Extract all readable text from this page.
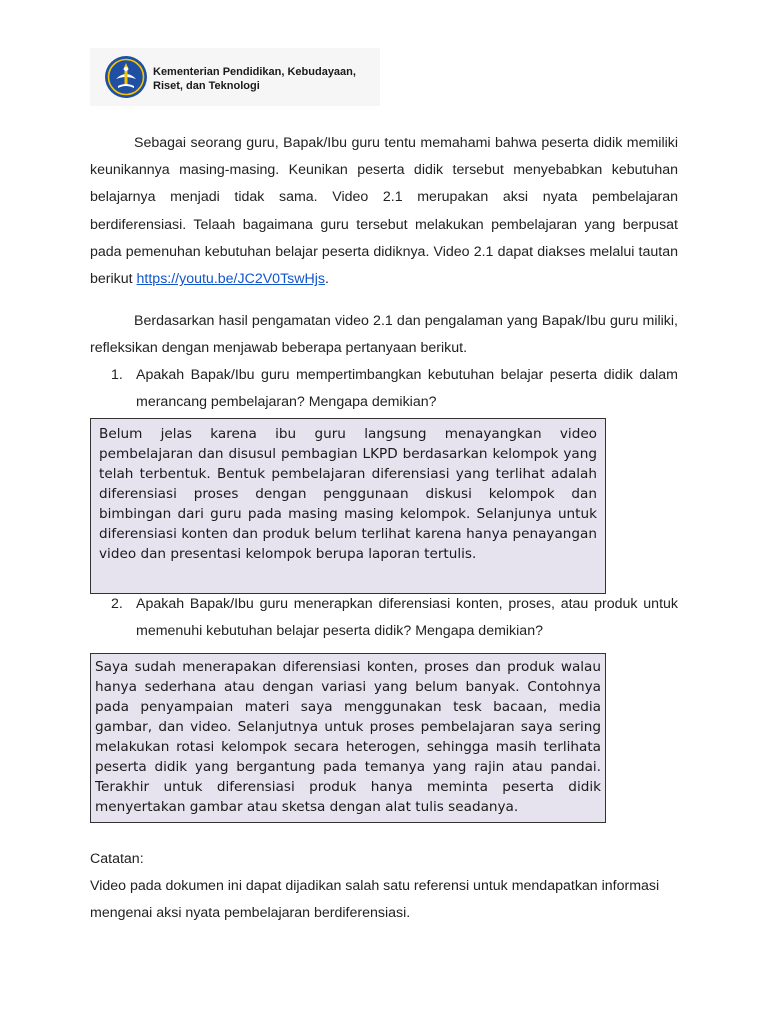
Kementerian Pendidikan, Kebudayaan,
Riset, dan Teknologi

Sebagai seorang guru, Bapak/Ibu guru tentu memahami bahwa peserta didik memiliki keunikannya masing-masing. Keunikan peserta didik tersebut menyebabkan kebutuhan belajarnya menjadi tidak sama. Video 2.1 merupakan aksi nyata pembelajaran berdiferensiasi. Telaah bagaimana guru tersebut melakukan pembelajaran yang berpusat pada pemenuhan kebutuhan belajar peserta didiknya. Video 2.1 dapat diakses melalui tautan berikut https://youtu.be/JC2V0TswHjs.

Berdasarkan hasil pengamatan video 2.1 dan pengalaman yang Bapak/Ibu guru miliki, refleksikan dengan menjawab beberapa pertanyaan berikut.

1. Apakah Bapak/Ibu guru mempertimbangkan kebutuhan belajar peserta didik dalam merancang pembelajaran? Mengapa demikian?
Belum jelas karena ibu guru langsung menayangkan video pembelajaran dan disusul pembagian LKPD berdasarkan kelompok yang telah terbentuk. Bentuk pembelajaran diferensiasi yang terlihat adalah diferensiasi proses dengan penggunaan diskusi kelompok dan bimbingan dari guru pada masing masing kelompok. Selanjunya untuk diferensiasi konten dan produk belum terlihat karena hanya penayangan video dan presentasi kelompok berupa laporan tertulis.
2. Apakah Bapak/Ibu guru menerapkan diferensiasi konten, proses, atau produk untuk memenuhi kebutuhan belajar peserta didik? Mengapa demikian?
Saya sudah menerapakan diferensiasi konten, proses dan produk walau hanya sederhana atau dengan variasi yang belum banyak. Contohnya pada penyampaian materi saya menggunakan tesk bacaan, media gambar, dan video. Selanjutnya untuk proses pembelajaran saya sering melakukan rotasi kelompok secara heterogen, sehingga masih terlihata peserta didik yang bergantung pada temanya yang rajin atau pandai. Terakhir untuk diferensiasi produk hanya meminta peserta didik menyertakan gambar atau sketsa dengan alat tulis seadanya.
Catatan:

Video pada dokumen ini dapat dijadikan salah satu referensi untuk mendapatkan informasi mengenai aksi nyata pembelajaran berdiferensiasi.
